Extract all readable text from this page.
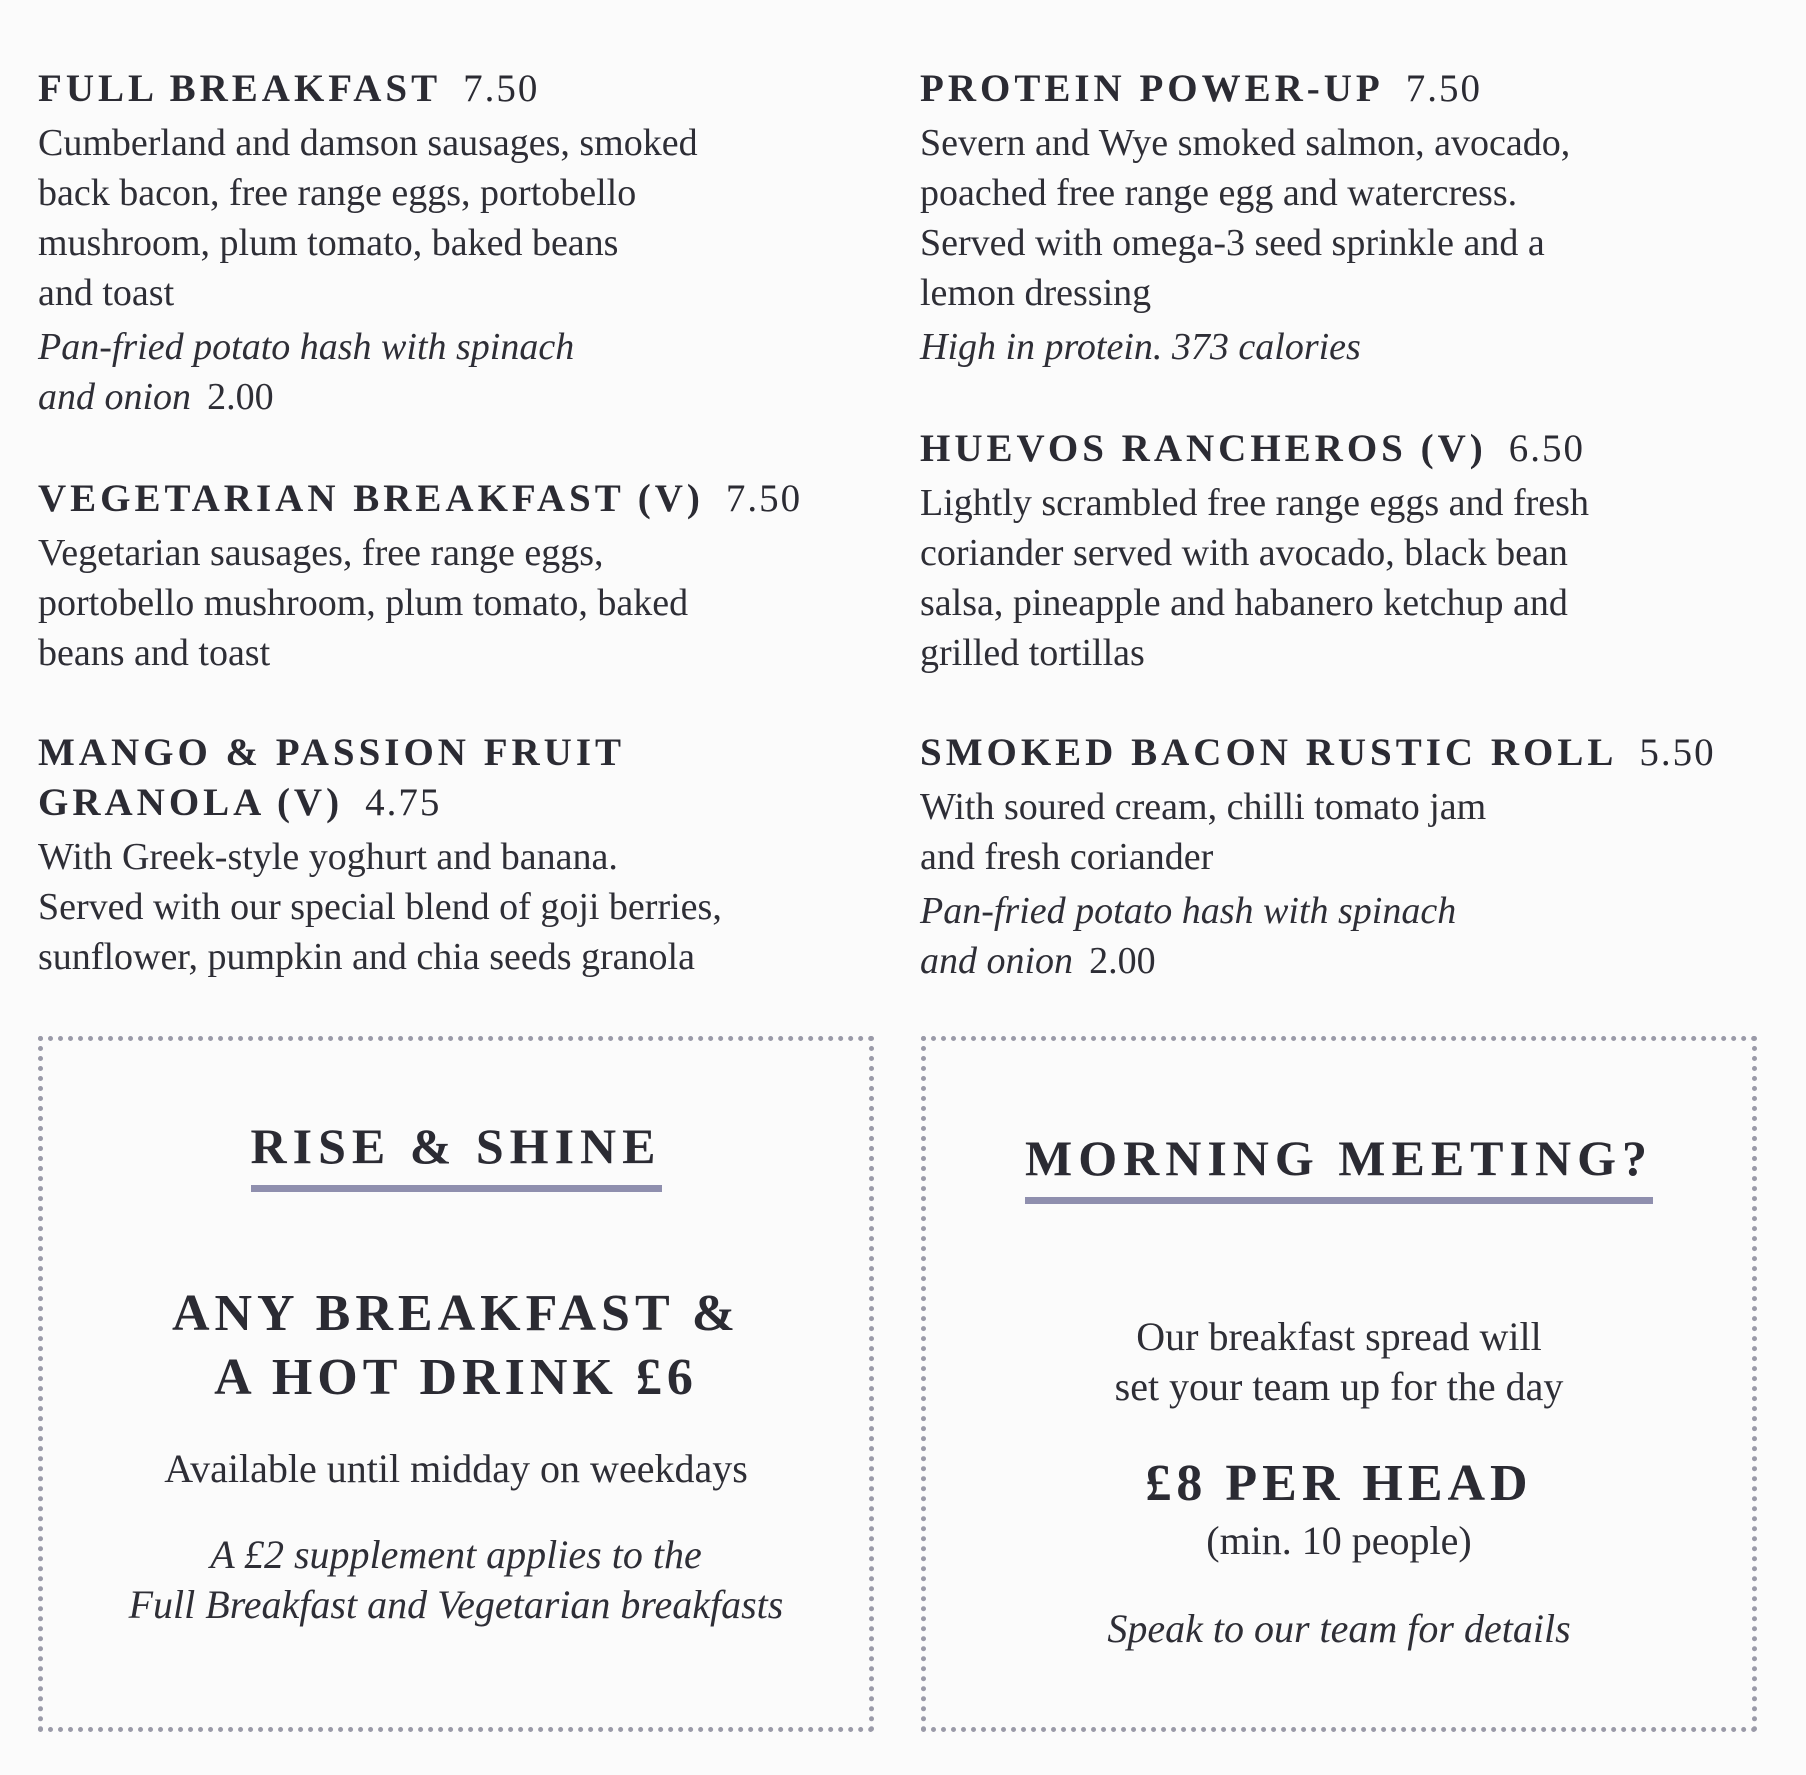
FULL BREAKFAST 7.50
Cumberland and damson sausages, smoked
back bacon, free range eggs, portobello
mushroom, plum tomato, baked beans
and toast
Pan-fried potato hash with spinach
and onion 2.00
VEGETARIAN BREAKFAST (V) 7.50
Vegetarian sausages, free range eggs,
portobello mushroom, plum tomato, baked
beans and toast
MANGO & PASSION FRUIT
GRANOLA (V) 4.75
With Greek-style yoghurt and banana.
Served with our special blend of goji berries,
sunflower, pumpkin and chia seeds granola
PROTEIN POWER-UP 7.50
Severn and Wye smoked salmon, avocado,
poached free range egg and watercress.
Served with omega-3 seed sprinkle and a
lemon dressing
High in protein. 373 calories
HUEVOS RANCHEROS (V) 6.50
Lightly scrambled free range eggs and fresh
coriander served with avocado, black bean
salsa, pineapple and habanero ketchup and
grilled tortillas
SMOKED BACON RUSTIC ROLL 5.50
With soured cream, chilli tomato jam
and fresh coriander
Pan-fried potato hash with spinach
and onion 2.00
RISE & SHINE
ANY BREAKFAST &
A HOT DRINK £6
Available until midday on weekdays
A £2 supplement applies to the
Full Breakfast and Vegetarian breakfasts
MORNING MEETING?
Our breakfast spread will
set your team up for the day
£8 PER HEAD
(min. 10 people)
Speak to our team for details
